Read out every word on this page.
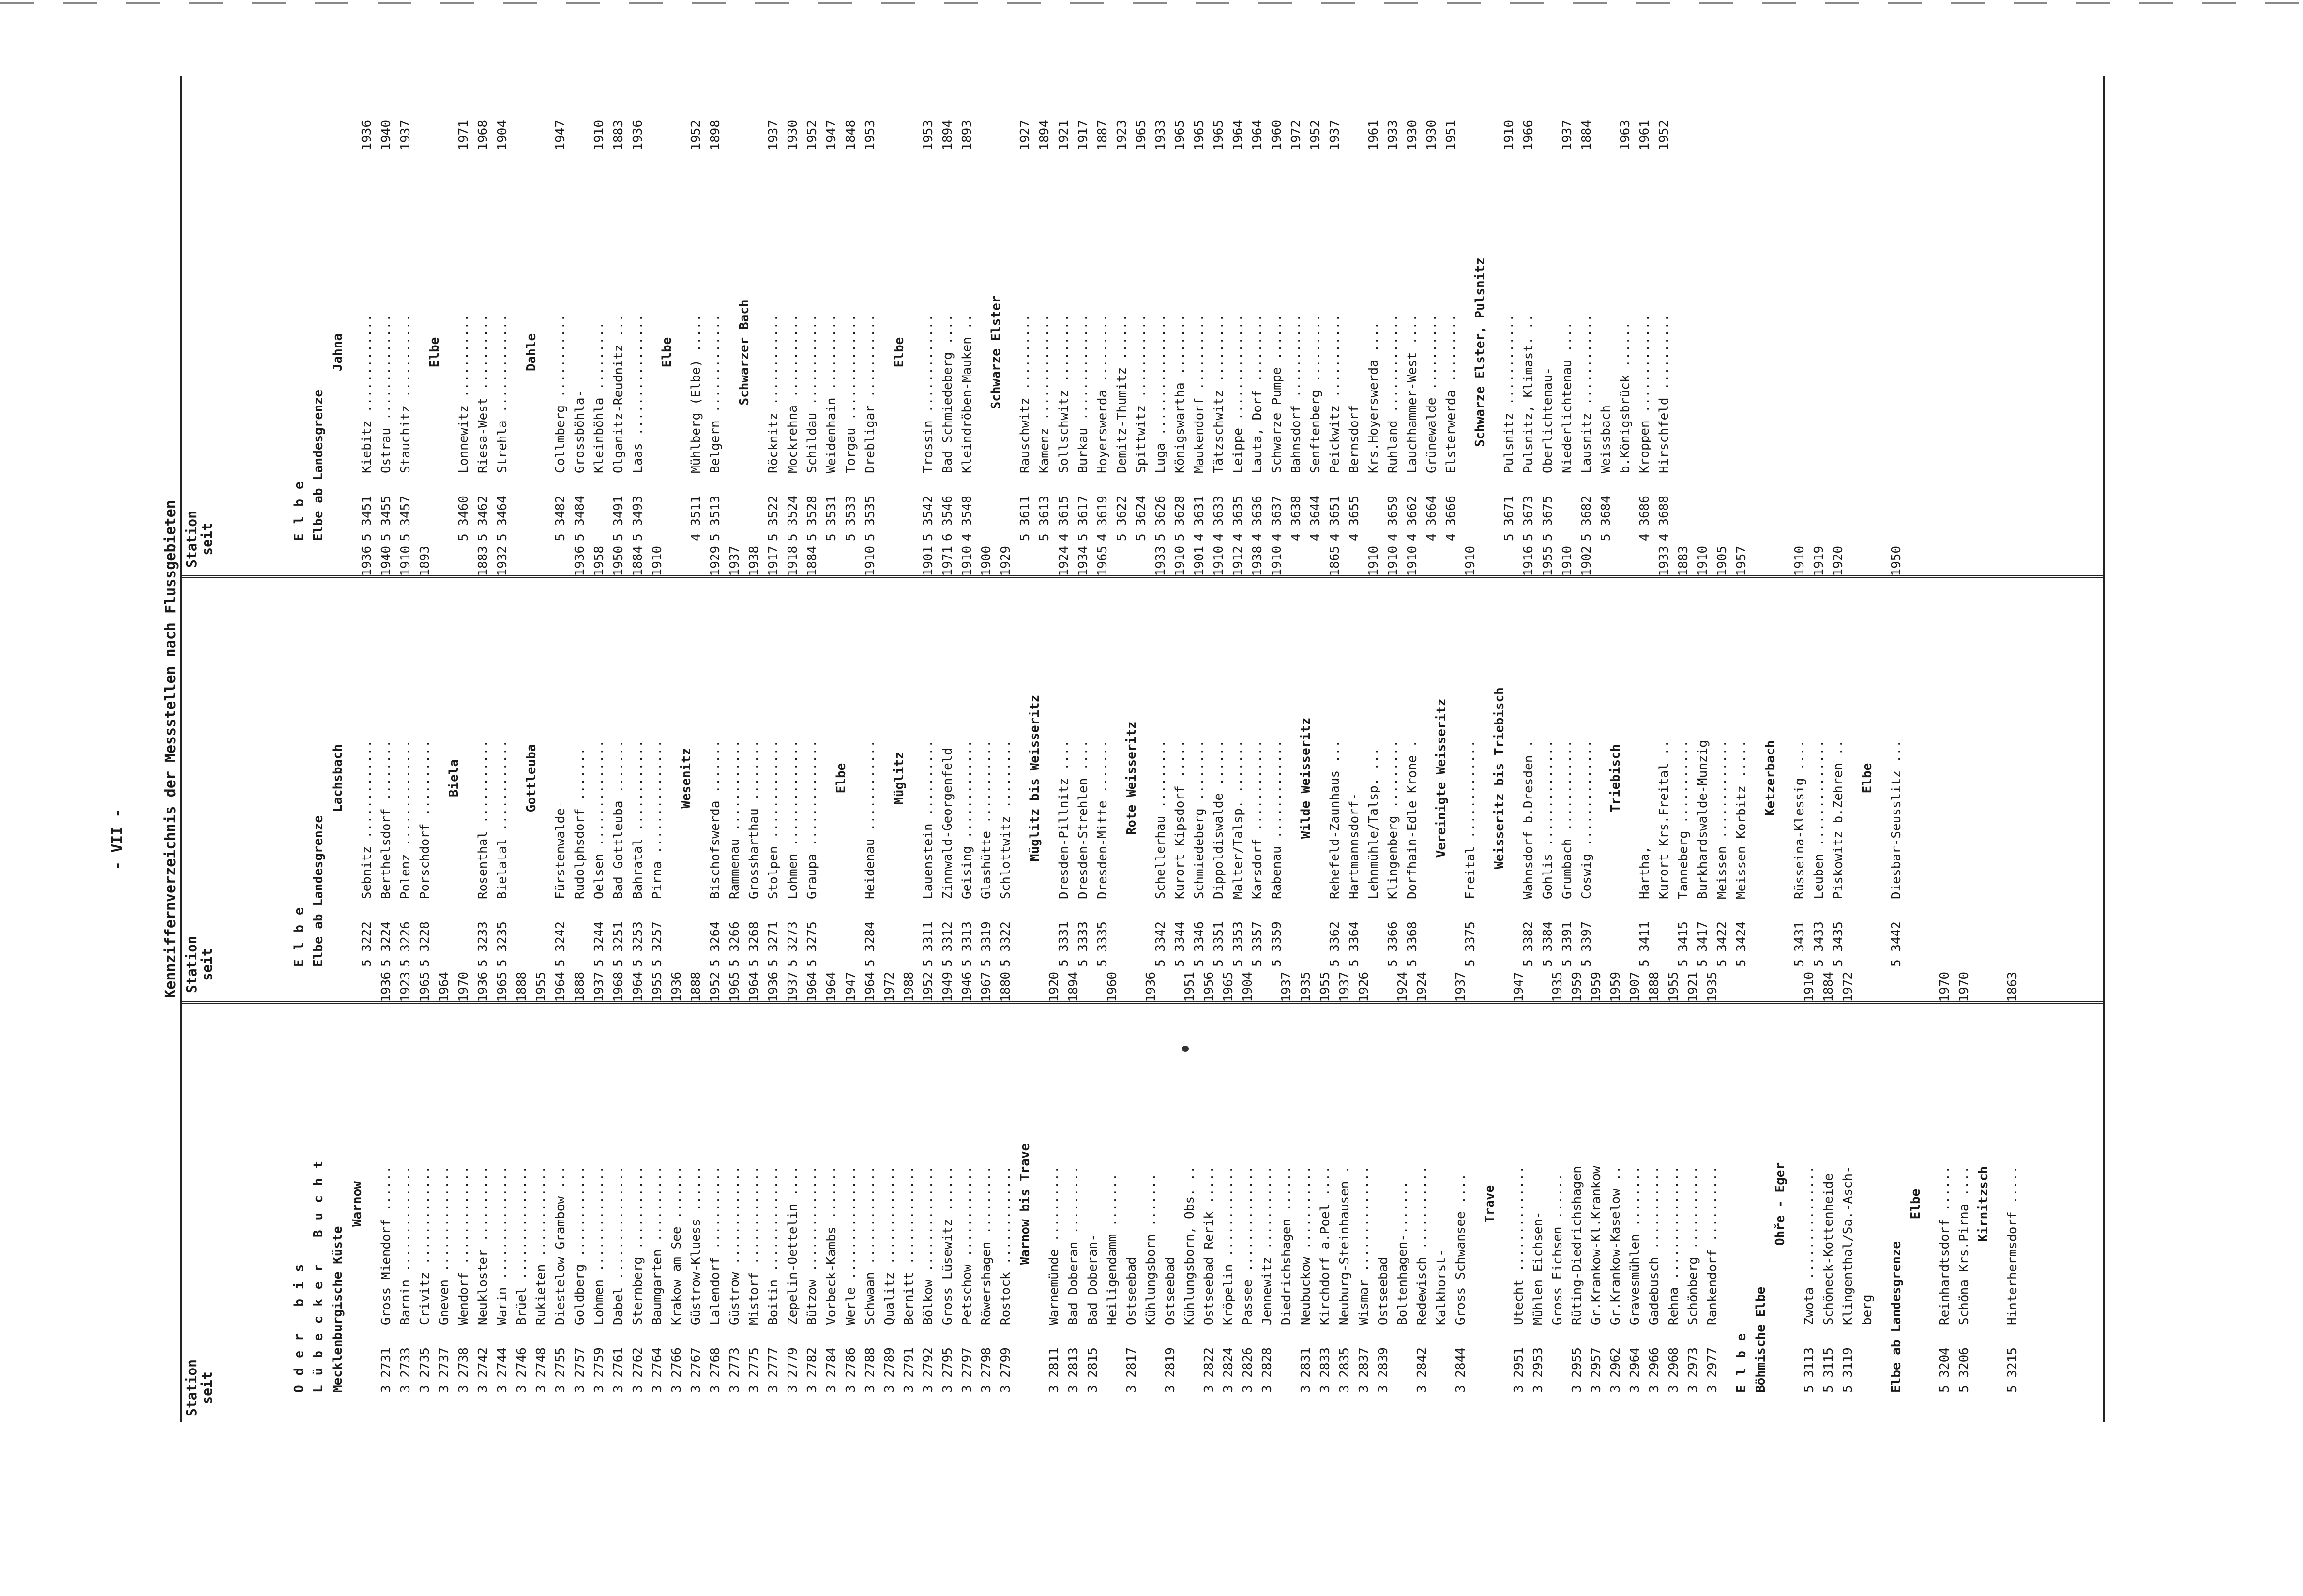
- VII -	Kennziffernverzeichnis der Messstellen nach Flussgebieten
Station seit
Station seit
Station seit
Oder bis Lübecker Bucht Mecklenburgische Küste
Warnow
3 2731Gross Miendorf ......1936
3 2733Barnin ..............1923
3 2735Crivitz .............1965
3 2737Gneven ..............1964
3 2738Wendorf .............1970
3 2742Neukloster ..........1936
3 2744Warin ...............1965
3 2746Brüel ...............1888
3 2748Rukieten ............1955
3 2755Diestelow-Grambow ...1964
3 2757Goldberg ............1888
3 2759Lohmen ..............1937
3 2761Dabel ...............1968
3 2762Sternberg ...........1964
3 2764Baumgarten ..........1955
3 2766Krakow am See .......1936
3 2767Güstrow-Kluess ......1888
3 2768Lalendorf ...........1952
3 2773Güstrow .............1965
3 2775Mistorf .............1964
3 2777Boitin ..............1936
3 2779Zepelin-Oettelin ....1937
3 2782Bützow ..............1964
3 2784Vorbeck-Kambs .......1964
3 2786Werle ...............1947
3 2788Schwaan .............1964
3 2789Qualitz .............1972
3 2791Bernitt .............1988
3 2792Bölkow ..............1952
3 2795Gross Lüsewitz ......1949
3 2797Petschow ............1946
3 2798Röwershagen .........1967
3 2799Rostock .............1880
Warnow bis Trave
3 2811Warnemünde ..........1920
3 2813Bad Doberan .........1894
3 2815Bad Doberan- Heiligendamm .......1960
3 2817Ostseebad Kühlungsborn .......1936
3 2819Ostseebad Kühlungsborn, Obs. ..1951
3 2822Ostseebad Rerik .....1956
3 2824Kröpelin ............1965
3 2826Passee ..............1904
3 2828Jennewitz ........... Diedrichshagen ......1937
3 2831Neubuckow ...........1935
3 2833Kirchdorf a.Poel ....1955
3 2835Neuburg-Steinhausen .1937
3 2837Wismar ..............1926
3 2839Ostseebad Boltenhagen-.......1924
3 2842Redewisch ...........1924
Kalkhorst-
3 2844Gross Schwansee ....1937
Trave
3 2951Utecht ..............1947
3 2953Mühlen Eichsen- Gross Eichsen ......1935
3 2955Rüting-Diedrichshagen1959
3 2957Gr.Krankow-Kl.Krankow1959
3 2962Gr.Krankow-Kaselow ..1959
3 2964Gravesmühlen ........1907
3 2966Gadebusch ...........1888
3 2968Rehna ...............1955
3 2973Schönberg ...........1921
3 2977Rankendorf ..........1935
Elbe Böhmische Elbe
Ohře - Eger
5 3113Zwota ...............1910
5 3115Schöneck-Kottenheide1884
5 3119Klingenthal/Sa.-Asch-1972
berg Elbe ab Landesgrenze
Elbe
5 3204Reinhardtsdorf ......1970
5 3206Schöna Krs.Pirna ....1970
Kirnitzsch
5 3215Hinterhermsdorf .....1863
Elbe Elbe ab Landesgrenze
Lachsbach
5 3222Sebnitz .............1936
5 3224Berthelsdorf ........1940
5 3226Polenz ..............1910
5 3228Porschdorf ..........1893
Biela
5 3233Rosenthal ...........1883
5 3235Bielatal ............1932
Gottleuba
5 3242Fürstenwalde- Rudolphsdorf .......1936
5 3244Oelsen ..............1958
5 3251Bad Gottleuba .......1950
5 3253Bahratal ............1884
5 3257Pirna ...............1910
Wesenitz
5 3264Bischofswerda .......1929
5 3266Rammenau ............1937
5 3268Grossharthau ........1938
5 3271Stolpen .............1917
5 3273Lohmen ..............1918
5 3275Graupa ..............1884
Elbe
5 3284Heidenau ............1910
Müglitz
5 3311Lauenstein ..........1901
5 3312Zinnwald-Georgenfeld1971
5 3313Geising .............1910
5 3319Glashütte ...........1900
5 3322Schlottwitz .........1929
Müglitz bis Weisseritz
5 3331Dresden-Pillnitz ....1924
5 3333Dresden-Strehlen ....1934
5 3335Dresden-Mitte .......1965
Rote Weisseritz
5 3342Schellerhau .........1933
5 3344Kurort Kipsdorf .....1910
5 3346Schmiedeberg ........1901
5 3351Dippoldiswalde ......1910
5 3353Malter/Talsp. .......1912
5 3357Karsdorf ............1938
5 3359Rabenau .............1910
Wilde Weisseritz
5 3362Rehefeld-Zaunhaus ...1865
5 3364Hartmannsdorf- Lehnmühle/Talsp. ...1910
5 3366Klingenberg .........1910
5 3368Dorfhain-Edle Krone .1910
Vereinigte Weisseritz
5 3375Freital .............1910
Weisseritz bis Triebisch
5 3382Wahnsdorf b.Dresden .1916
5 3384Gohlis ..............1955
5 3391Grumbach ............1910
5 3397Coswig ..............1902
Triebisch
5 3411Hartha, Kurort Krs.Freital ..1933
5 3415Tanneberg ...........1883
5 3417Burkhardswalde-Munzig1910
5 3422Meissen .............1905
5 3424Meissen-Korbitz .....1957
Ketzerbach
5 3431Rüsseina-Klessig ....1910
5 3433Leuben ..............1919
5 3435Piskowitz b.Zehren ..1920
Elbe
5 3442Diesbar-Seusslitz ...1950
Elbe Elbe ab Landesgrenze
Jahna
5 3451Kiebitz .............1936
5 3455Ostrau ..............1940
5 3457Stauchitz ...........1937
Elbe
5 3460Lonnewitz ...........1971
5 3462Riesa-West ..........1968
5 3464Strehla .............1904
Dahle
5 3482Collmberg ...........1947
5 3484Grossböhla- Kleinböhla .........1910
5 3491Olganitz-Reudnitz ...1883
5 3493Laas ................1936
Elbe
4 3511Mühlberg (Elbe) .....1952
5 3513Belgern .............1898
Schwarzer Bach
5 3522Röcknitz ............1937
5 3524Mockrehna ...........1930
5 3528Schildau ............1952
5 3531Weidenhain ..........1947
5 3533Torgau ..............1848
5 3535Drebligar ...........1953
Elbe
5 3542Trossin .............1953
6 3546Bad Schmiedeberg ....1894
4 3548Kleindröben-Mauken ..1893
Schwarze Elster
5 3611Rauschwitz ..........1927
5 3613Kamenz ..............1894
4 3615Sollschwitz .........1921
5 3617Burkau ..............1917
4 3619Hoyerswerda .........1887
5 3622Demitz-Thumitz ......1923
5 3624Spittwitz ...........1965
5 3626Luga ................1933
5 3628Königswartha ........1965
4 3631Maukendorf ..........1965
4 3633Tätzschwitz .........1965
4 3635Leippe ..............1964
4 3636Lauta, Dorf .........1964
4 3637Schwarze Pumpe ......1960
4 3638Bahnsdorf ...........1972
4 3644Senftenberg .........1952
4 3651Peickwitz ...........1937
4 3655Bernsdorf Krs.Hoyerswerda ....1961
4 3659Ruhland .............1933
4 3662Lauchhammer-West ....1930
4 3664Grünewalde ..........1930
4 3666Elsterwerda .........1951
Schwarze Elster, Pulsnitz
5 3671Pulsnitz ............1910
5 3673Pulsnitz, Klimast. ..1966
5 3675Oberlichtenau- Niederlichtenau ....1937
5 3682Lausnitz ............1884
5 3684Weissbach b.Königsbrück ......1963
4 3686Kroppen .............1961
4 3688Hirschfeld ..........1952
